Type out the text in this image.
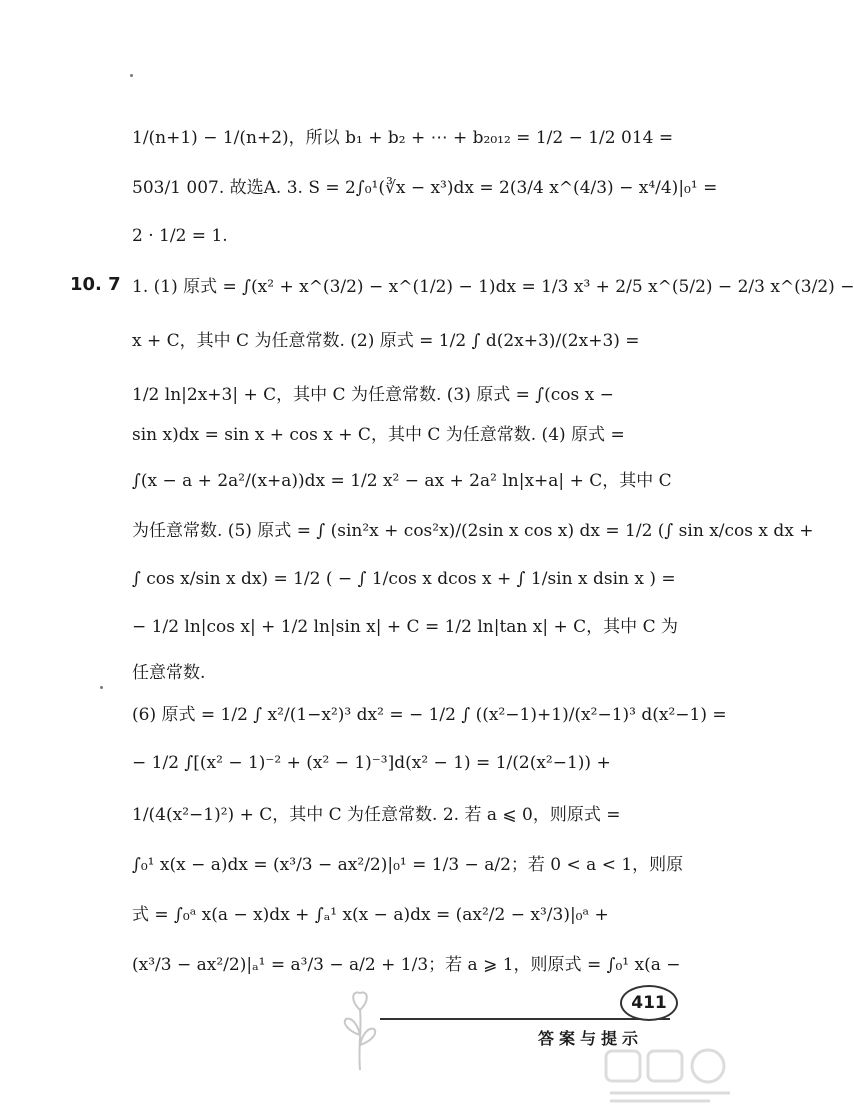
1/(n+1) − 1/(n+2)，所以 b₁ + b₂ + ⋯ + b₂₀₁₂ = 1/2 − 1/2 014 =
503/1 007. 故选A. 3. S = 2∫₀¹(∛x − x³)dx = 2(3/4 x^(4/3) − x⁴/4)|₀¹ =
2 · 1/2 = 1.
10. 7 1. (1) 原式 = ∫(x² + x^(3/2) − x^(1/2) − 1)dx = 1/3 x³ + 2/5 x^(5/2) − 2/3 x^(3/2) −
x + C，其中 C 为任意常数. (2) 原式 = 1/2 ∫ d(2x+3)/(2x+3) =
1/2 ln|2x+3| + C，其中 C 为任意常数. (3) 原式 = ∫(cos x −
sin x)dx = sin x + cos x + C，其中 C 为任意常数. (4) 原式 =
∫(x − a + 2a²/(x+a))dx = 1/2 x² − ax + 2a² ln|x+a| + C，其中 C
为任意常数. (5) 原式 = ∫ (sin²x + cos²x)/(2sin x cos x) dx = 1/2 (∫ sin x/cos x dx +
∫ cos x/sin x dx) = 1/2 ( − ∫ 1/cos x dcos x + ∫ 1/sin x dsin x ) =
− 1/2 ln|cos x| + 1/2 ln|sin x| + C = 1/2 ln|tan x| + C，其中 C 为
任意常数.
(6) 原式 = 1/2 ∫ x²/(1−x²)³ dx² = − 1/2 ∫ ((x²−1)+1)/(x²−1)³ d(x²−1) =
− 1/2 ∫[(x² − 1)⁻² + (x² − 1)⁻³]d(x² − 1) = 1/(2(x²−1)) +
1/(4(x²−1)²) + C，其中 C 为任意常数. 2. 若 a ⩽ 0，则原式 =
∫₀¹ x(x − a)dx = (x³/3 − ax²/2)|₀¹ = 1/3 − a/2；若 0 < a < 1，则原
式 = ∫₀ᵃ x(a − x)dx + ∫ₐ¹ x(x − a)dx = (ax²/2 − x³/3)|₀ᵃ +
(x³/3 − ax²/2)|ₐ¹ = a³/3 − a/2 + 1/3；若 a ⩾ 1，则原式 = ∫₀¹ x(a −
411
答案与提示
